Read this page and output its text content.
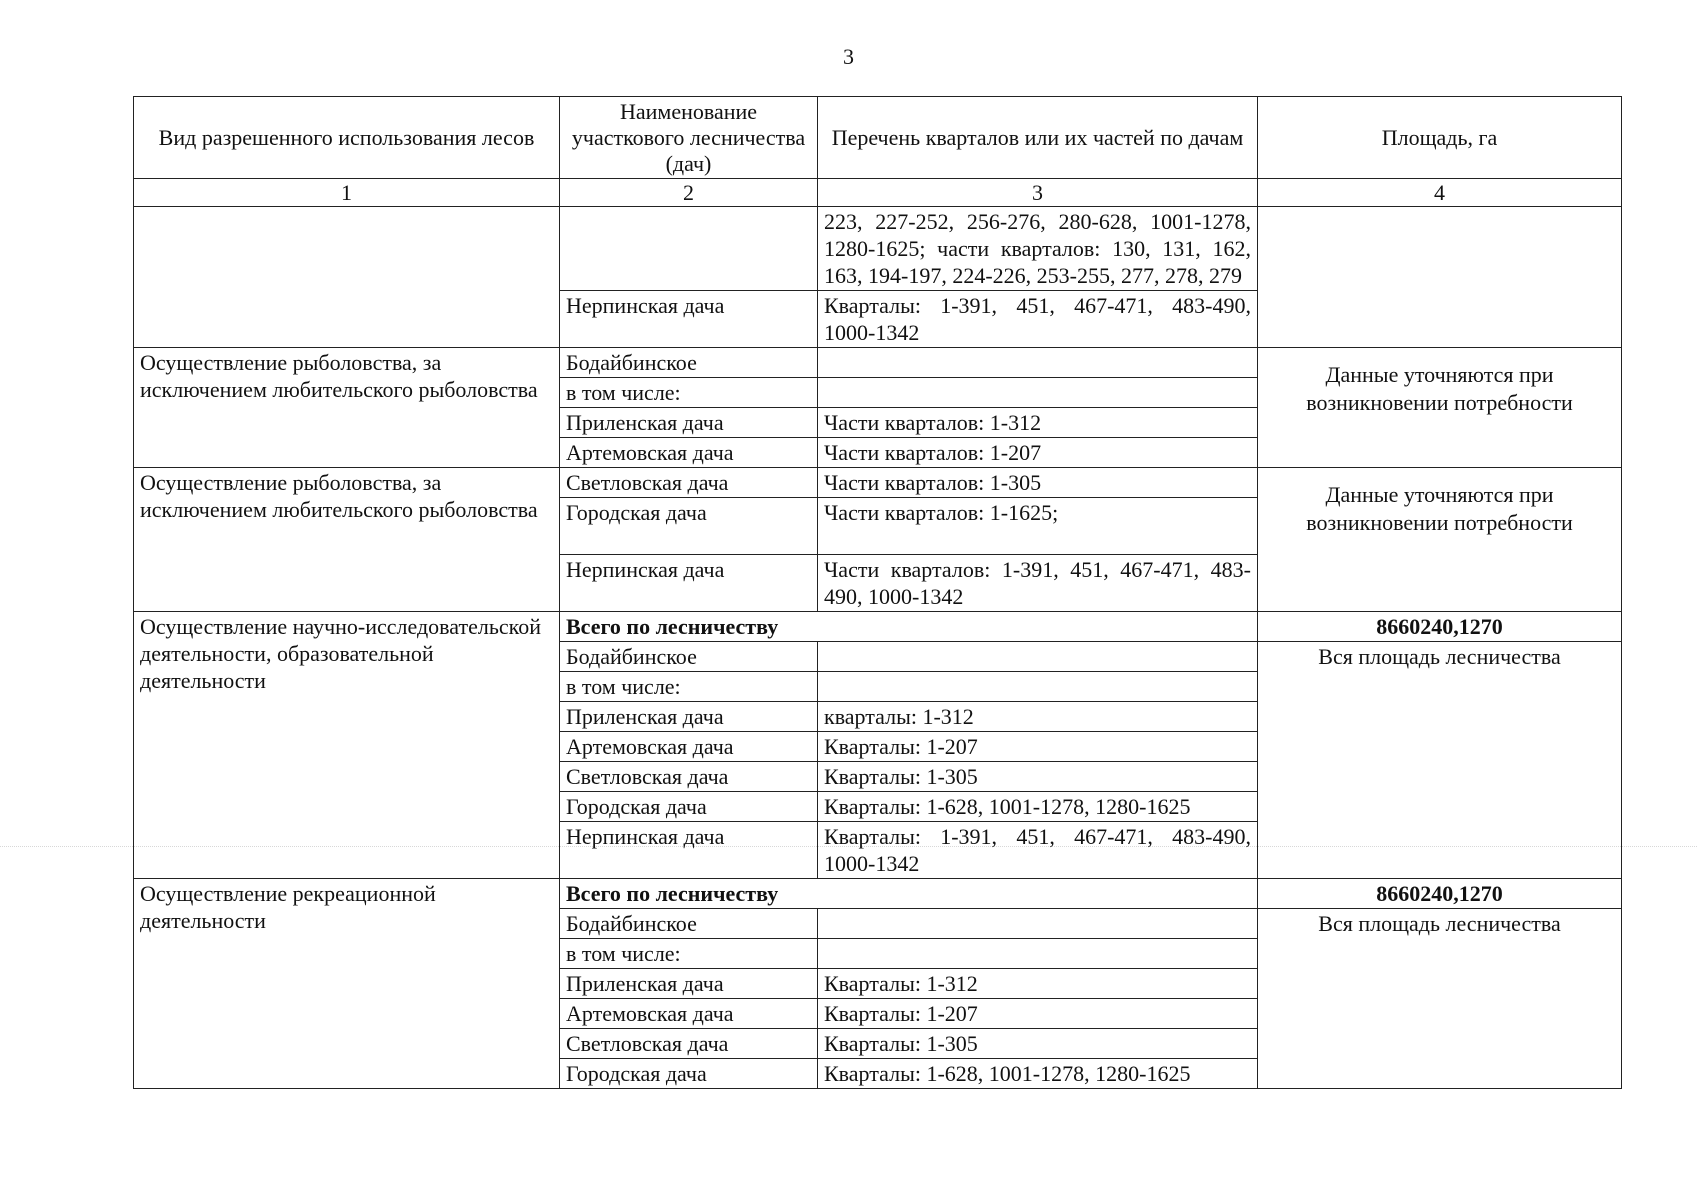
3
Вид разрешенного использования лесов	Наименование участкового лесничества (дач)	Перечень кварталов или их частей по дачам	Площадь, га
1	2	3	4
		223, 227-252, 256-276, 280-628, 1001-1278, 1280-1625; части кварталов: 130, 131, 162, 163, 194-197, 224-226, 253-255, 277, 278, 279	
	Нерпинская дача	Кварталы: 1-391, 451, 467-471, 483-490, 1000-1342	
Осуществление рыболовства, за исключением любительского рыболовства	Бодайбинское		Данные уточняются при возникновении потребности

	в том числе:		
	Приленская дача	Части кварталов: 1-312	
	Артемовская дача	Части кварталов: 1-207	
Осуществление рыболовства, за исключением любительского рыболовства	Светловская дача	Части кварталов: 1-305	Данные уточняются при возникновении потребности

	Городская дача	Части кварталов: 1-1625;	
	Нерпинская дача	Части кварталов: 1-391, 451, 467-471, 483-490, 1000-1342	
Осуществление научно-исследовательской деятельности, образовательной деятельности	Всего по лесничеству		8660240,1270
	Бодайбинское		Вся площадь лесничества
	в том числе:		
	Приленская дача	кварталы: 1-312	
	Артемовская дача	Кварталы: 1-207	
	Светловская дача	Кварталы: 1-305	
	Городская дача	Кварталы: 1-628, 1001-1278, 1280-1625	
	Нерпинская дача	Кварталы: 1-391, 451, 467-471, 483-490, 1000-1342	
Осуществление рекреационной деятельности	Всего по лесничеству		8660240,1270
	Бодайбинское		Вся площадь лесничества
	в том числе:		
	Приленская дача	Кварталы: 1-312	
	Артемовская дача	Кварталы: 1-207	
	Светловская дача	Кварталы: 1-305	
	Городская дача	Кварталы: 1-628, 1001-1278, 1280-1625	
